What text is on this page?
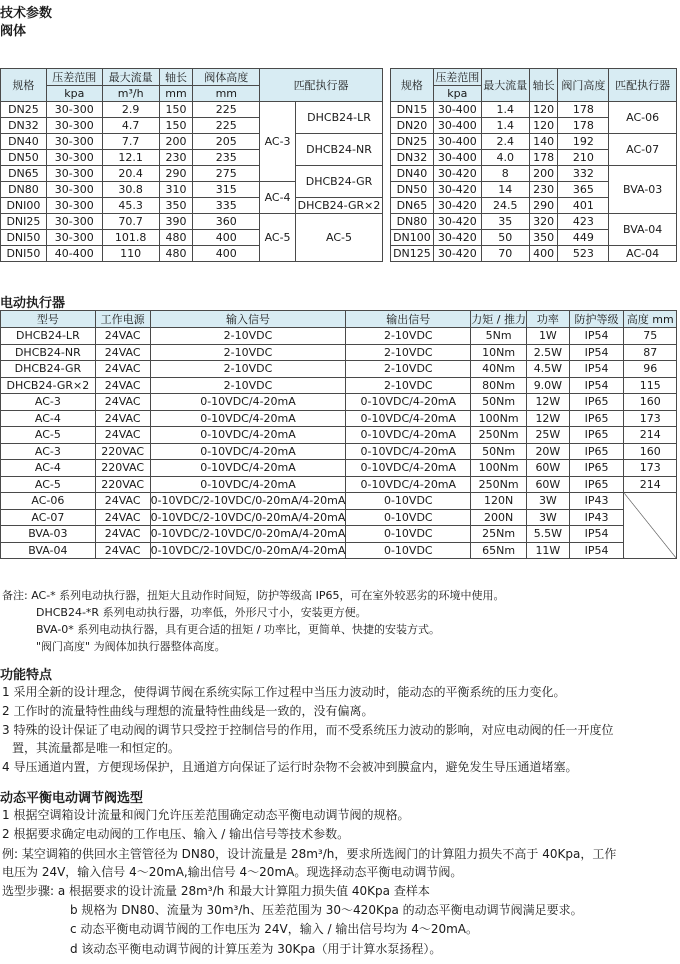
技术参数
阀体
规格	压差范围	最大流量	轴长	阀体高度	匹配执行器	
	kpa	m³/h	mm	mm		
DN25	30-300	2.9	150	225	AC-3	DHCB24-LR
DN32	30-300	4.7	150	225		
DN40	30-300	7.7	200	205		DHCB24-NR
DN50	30-300	12.1	230	235		
DN65	30-300	20.4	290	275		DHCB24-GR
DN80	30-300	30.8	310	315	AC-4	
DNI00	30-300	45.3	350	335		DHCB24-GR×2
DNI25	30-300	70.7	390	360	AC-5	AC-5
DNI50	30-300	101.8	480	400		
DNI50	40-400	110	480	400		
规格	压差范围	最大流量	轴长	阀门高度	匹配执行器
	kpa				
DN15	30-400	1.4	120	178	AC-06
DN20	30-400	1.4	120	178	
DN25	30-400	2.4	140	192	AC-07
DN32	30-400	4.0	178	210	
DN40	30-420	8	200	332	BVA-03
DN50	30-420	14	230	365	
DN65	30-420	24.5	290	401	
DN80	30-420	35	320	423	BVA-04
DN100	30-420	50	350	449	
DN125	30-420	70	400	523	AC-04
电动执行器
型号	工作电源	输入信号	输出信号	力矩 / 推力	功率	防护等级	高度 mm
DHCB24-LR	24VAC	2-10VDC	2-10VDC	5Nm	1W	IP54	75
DHCB24-NR	24VAC	2-10VDC	2-10VDC	10Nm	2.5W	IP54	87
DHCB24-GR	24VAC	2-10VDC	2-10VDC	40Nm	4.5W	IP54	96
DHCB24-GR×2	24VAC	2-10VDC	2-10VDC	80Nm	9.0W	IP54	115
AC-3	24VAC	0-10VDC/4-20mA	0-10VDC/4-20mA	50Nm	12W	IP65	160
AC-4	24VAC	0-10VDC/4-20mA	0-10VDC/4-20mA	100Nm	12W	IP65	173
AC-5	24VAC	0-10VDC/4-20mA	0-10VDC/4-20mA	250Nm	25W	IP65	214
AC-3	220VAC	0-10VDC/4-20mA	0-10VDC/4-20mA	50Nm	20W	IP65	160
AC-4	220VAC	0-10VDC/4-20mA	0-10VDC/4-20mA	100Nm	60W	IP65	173
AC-5	220VAC	0-10VDC/4-20mA	0-10VDC/4-20mA	250Nm	60W	IP65	214
AC-06	24VAC	0-10VDC/2-10VDC/0-20mA/4-20mA	0-10VDC	120N	3W	IP43	
AC-07	24VAC	0-10VDC/2-10VDC/0-20mA/4-20mA	0-10VDC	200N	3W	IP43	
BVA-03	24VAC	0-10VDC/2-10VDC/0-20mA/4-20mA	0-10VDC	25Nm	5.5W	IP54	
BVA-04	24VAC	0-10VDC/2-10VDC/0-20mA/4-20mA	0-10VDC	65Nm	11W	IP54	
备注: AC-* 系列电动执行器，扭矩大且动作时间短，防护等级高 IP65，可在室外较恶劣的环境中使用。
DHCB24-*R 系列电动执行器，功率低，外形尺寸小，安装更方便。
BVA-0* 系列电动执行器，具有更合适的扭矩 / 功率比，更简单、快捷的安装方式。
"阀门高度" 为阀体加执行器整体高度。
功能特点
1 采用全新的设计理念，使得调节阀在系统实际工作过程中当压力波动时，能动态的平衡系统的压力变化。
2 工作时的流量特性曲线与理想的流量特性曲线是一致的，没有偏离。
3 特殊的设计保证了电动阀的调节只受控于控制信号的作用，而不受系统压力波动的影响，对应电动阀的任一开度位
置，其流量都是唯一和恒定的。
4 导压通道内置，方便现场保护，且通道方向保证了运行时杂物不会被冲到膜盒内，避免发生导压通道堵塞。
动态平衡电动调节阀选型
1 根据空调箱设计流量和阀门允许压差范围确定动态平衡电动调节阀的规格。
2 根据要求确定电动阀的工作电压、输入 / 输出信号等技术参数。
例: 某空调箱的供回水主管管径为 DN80，设计流量是 28m³/h，要求所选阀门的计算阻力损失不高于 40Kpa，工作
电压为 24V，输入信号 4～20mA,输出信号 4～20mA。现选择动态平衡电动调节阀。
选型步骤: a 根据要求的设计流量 28m³/h 和最大计算阻力损失值 40Kpa 查样本
b 规格为 DN80、流量为 30m³/h、压差范围为 30～420Kpa 的动态平衡电动调节阀满足要求。
c 动态平衡电动调节阀的工作电压为 24V，输入 / 输出信号均为 4～20mA。
d 该动态平衡电动调节阀的计算压差为 30Kpa（用于计算水泵扬程）。
